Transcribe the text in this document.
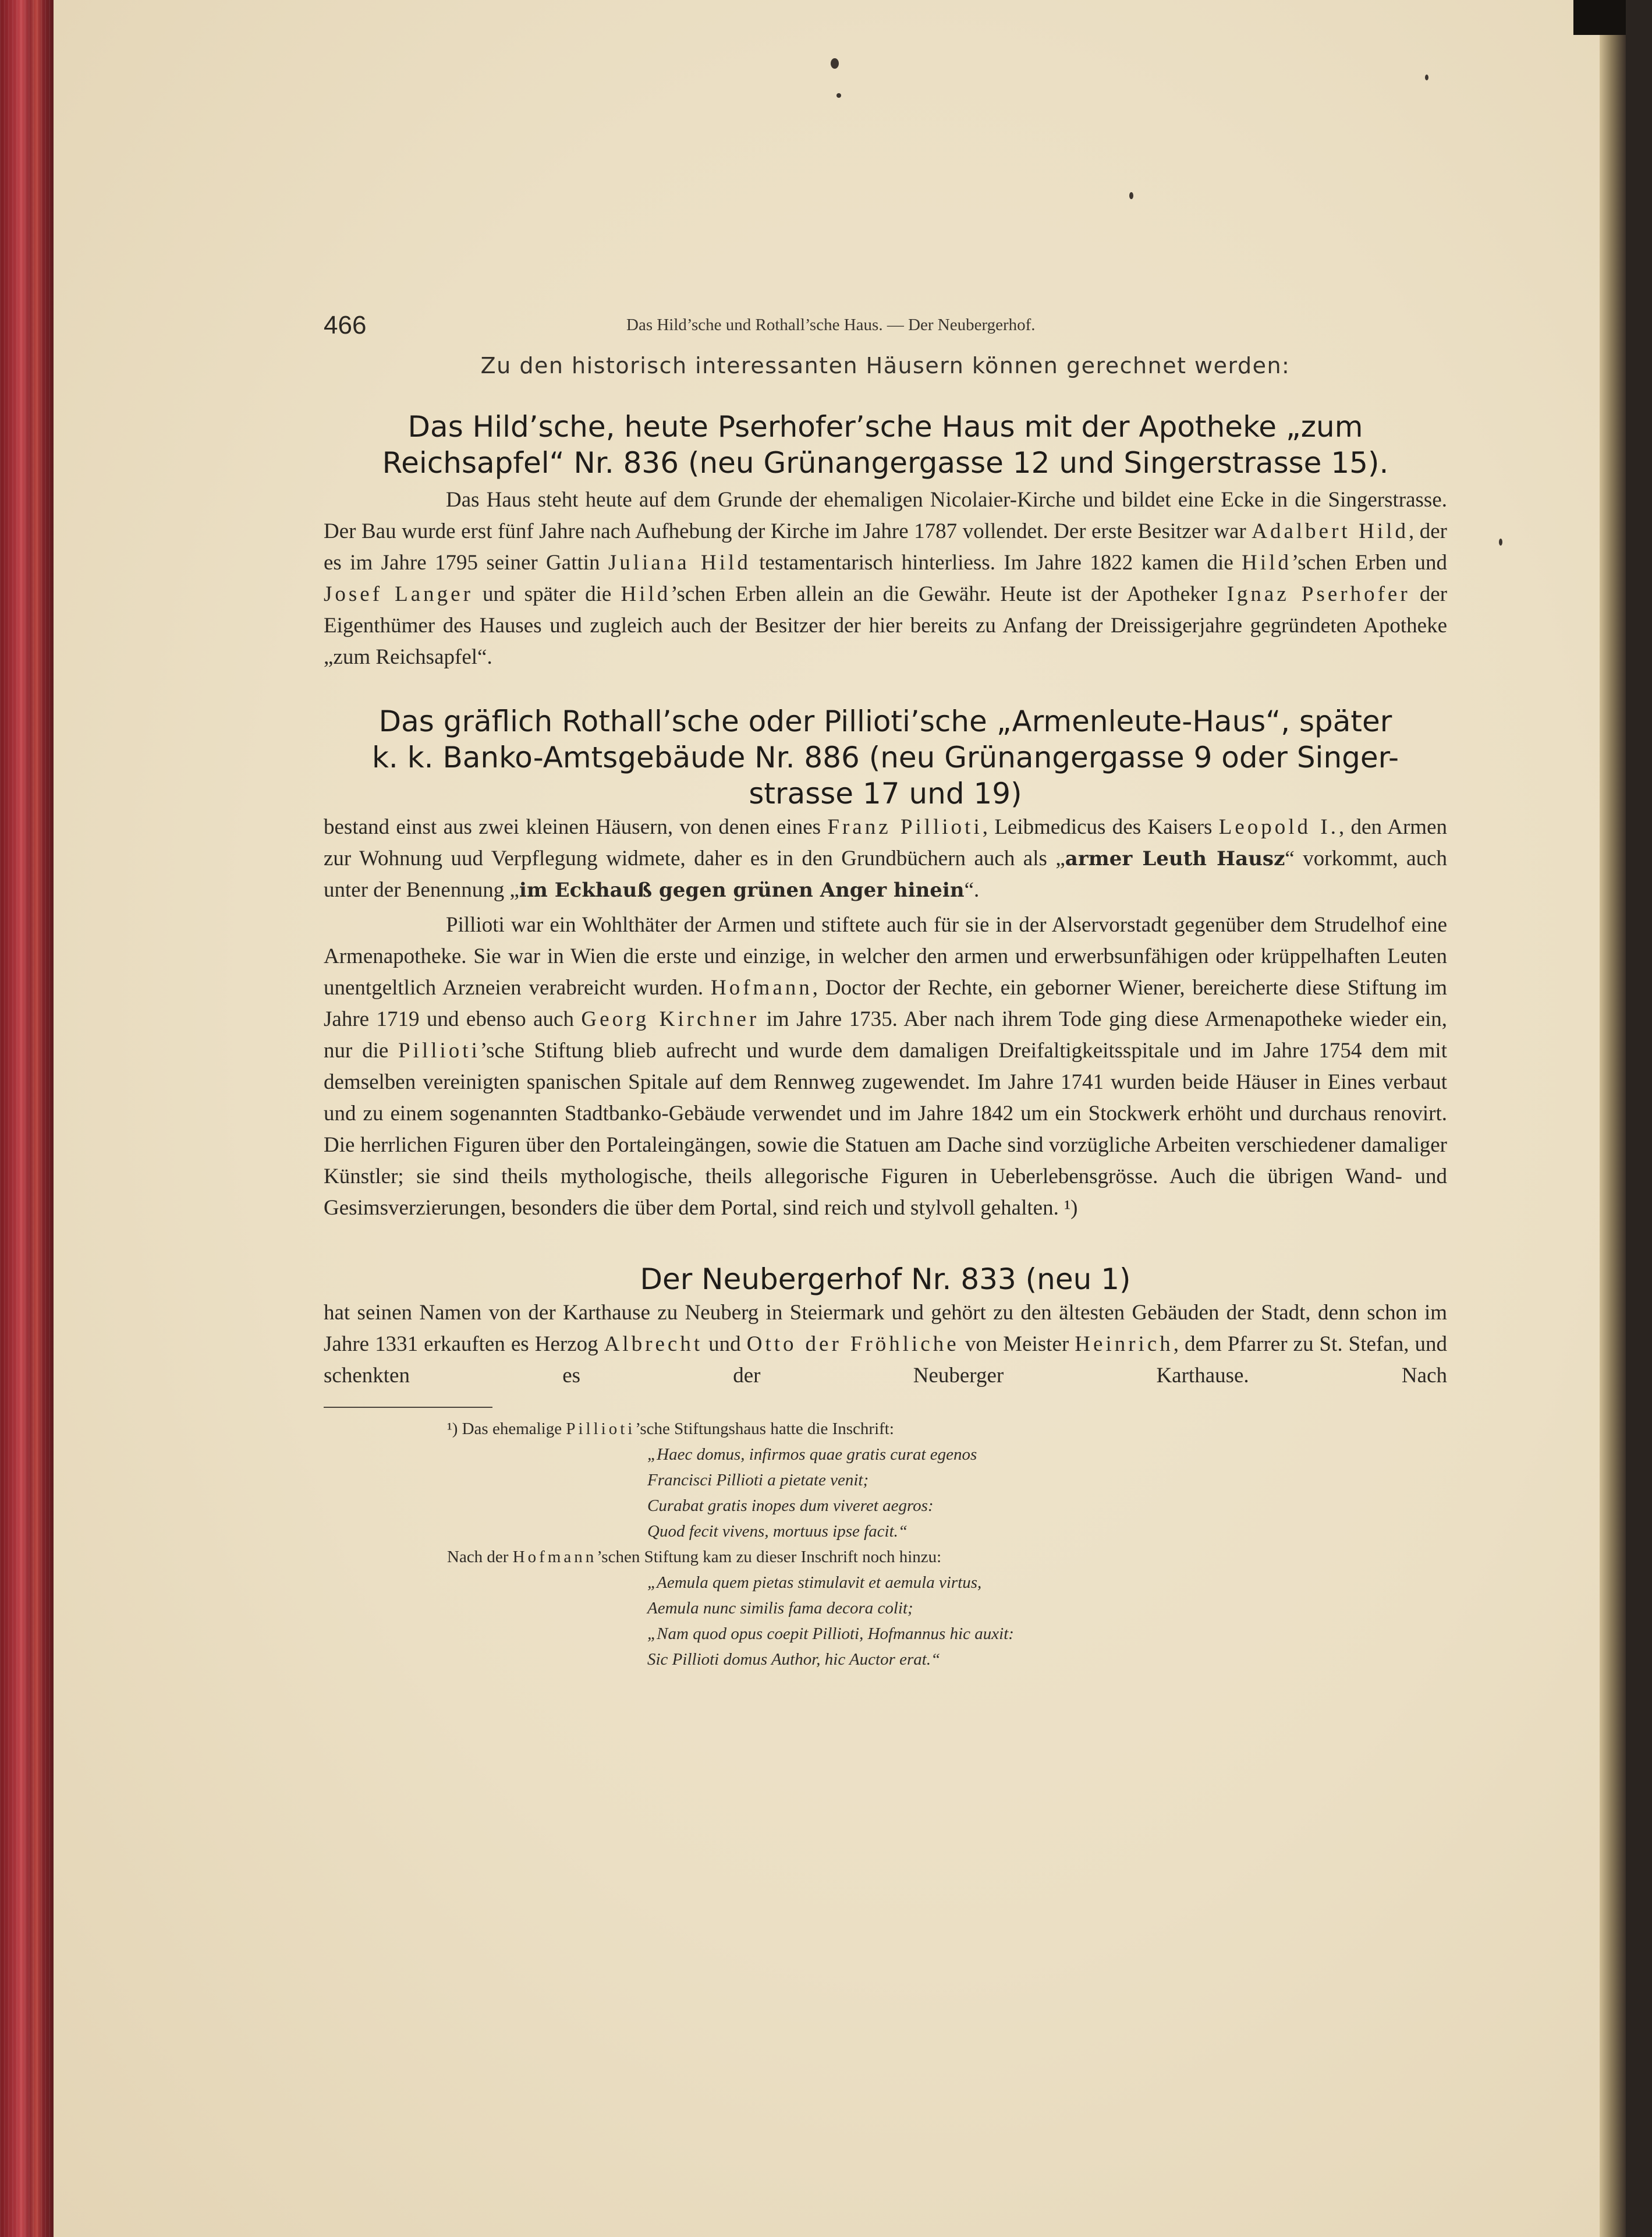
466	Das Hild’sche und Rothall’sche Haus. — Der Neubergerhof.
Zu den historisch interessanten Häusern können gerechnet werden:
Das Hild’sche, heute Pserhofer’sche Haus mit der Apotheke „zum
Reichsapfel“ Nr. 836 (neu Grünangergasse 12 und Singerstrasse 15).

Das Haus steht heute auf dem Grunde der ehemaligen Nicolaier-Kirche und bildet eine Ecke in die Singerstrasse. Der Bau wurde erst fünf Jahre nach Aufhebung der Kirche im Jahre 1787 vollendet. Der erste Besitzer war Adalbert Hild, der es im Jahre 1795 seiner Gattin Juliana Hild testamentarisch hinterliess. Im Jahre 1822 kamen die Hild’schen Erben und Josef Langer und später die Hild’schen Erben allein an die Gewähr. Heute ist der Apotheker Ignaz Pserhofer der Eigenthümer des Hauses und zugleich auch der Besitzer der hier bereits zu Anfang der Dreissigerjahre gegründeten Apotheke „zum Reichsapfel“.

Das gräflich Rothall’sche oder Pillioti’sche „Armenleute-Haus“, später
k. k. Banko-Amtsgebäude Nr. 886 (neu Grünangergasse 9 oder Singer-
strasse 17 und 19)

bestand einst aus zwei kleinen Häusern, von denen eines Franz Pillioti, Leibmedicus des Kaisers Leopold I., den Armen zur Wohnung uud Verpflegung widmete, daher es in den Grundbüchern auch als „armer Leuth Hausz“ vorkommt, auch unter der Benennung „im Eckhauß gegen grünen Anger hinein“.

Pillioti war ein Wohlthäter der Armen und stiftete auch für sie in der Alservorstadt gegenüber dem Strudelhof eine Armenapotheke. Sie war in Wien die erste und einzige, in welcher den armen und erwerbsunfähigen oder krüppelhaften Leuten unentgeltlich Arzneien verabreicht wurden. Hofmann, Doctor der Rechte, ein geborner Wiener, bereicherte diese Stiftung im Jahre 1719 und ebenso auch Georg Kirchner im Jahre 1735. Aber nach ihrem Tode ging diese Armenapotheke wieder ein, nur die Pillioti’sche Stiftung blieb aufrecht und wurde dem damaligen Dreifaltigkeitsspitale und im Jahre 1754 dem mit demselben vereinigten spanischen Spitale auf dem Rennweg zugewendet. Im Jahre 1741 wurden beide Häuser in Eines verbaut und zu einem sogenannten Stadtbanko-Gebäude verwendet und im Jahre 1842 um ein Stockwerk erhöht und durchaus renovirt. Die herrlichen Figuren über den Portaleingängen, sowie die Statuen am Dache sind vorzügliche Arbeiten verschiedener damaliger Künstler; sie sind theils mythologische, theils allegorische Figuren in Ueberlebensgrösse. Auch die übrigen Wand- und Gesimsverzierungen, besonders die über dem Portal, sind reich und stylvoll gehalten. ¹)

Der Neubergerhof Nr. 833 (neu 1)

hat seinen Namen von der Karthause zu Neuberg in Steiermark und gehört zu den ältesten Gebäuden der Stadt, denn schon im Jahre 1331 erkauften es Herzog Albrecht und Otto der Fröhliche von Meister Heinrich, dem Pfarrer zu St. Stefan, und schenkten es der Neuberger Karthause. Nach

¹) Das ehemalige Pillioti’sche Stiftungshaus hatte die Inschrift:
„Haec domus, infirmos quae gratis curat egenos
Francisci Pillioti a pietate venit;
Curabat gratis inopes dum viveret aegros:
Quod fecit vivens, mortuus ipse facit.“
Nach der Hofmann’schen Stiftung kam zu dieser Inschrift noch hinzu:
„Aemula quem pietas stimulavit et aemula virtus,
Aemula nunc similis fama decora colit;
„Nam quod opus coepit Pillioti, Hofmannus hic auxit:
Sic Pillioti domus Author, hic Auctor erat.“
